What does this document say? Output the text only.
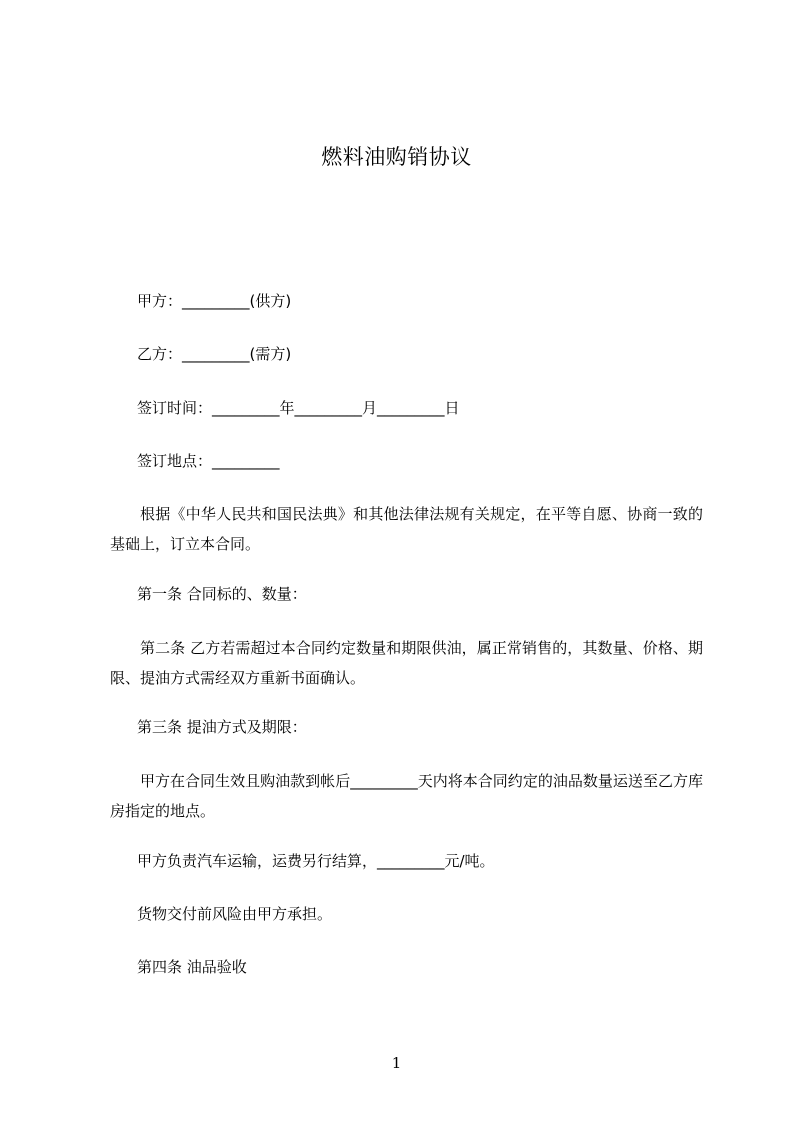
燃料油购销协议
甲方：_________(供方)
乙方：_________(需方)
签订时间：_________年_________月_________日
签订地点：_________
根据《中华人民共和国民法典》和其他法律法规有关规定，在平等自愿、协商一致的基础上，订立本合同。
第一条 合同标的、数量：
第二条 乙方若需超过本合同约定数量和期限供油，属正常销售的，其数量、价格、期限、提油方式需经双方重新书面确认。
第三条 提油方式及期限：
甲方在合同生效且购油款到帐后_________天内将本合同约定的油品数量运送至乙方库房指定的地点。
甲方负责汽车运输，运费另行结算，_________元/吨。
货物交付前风险由甲方承担。
第四条 油品验收
1
